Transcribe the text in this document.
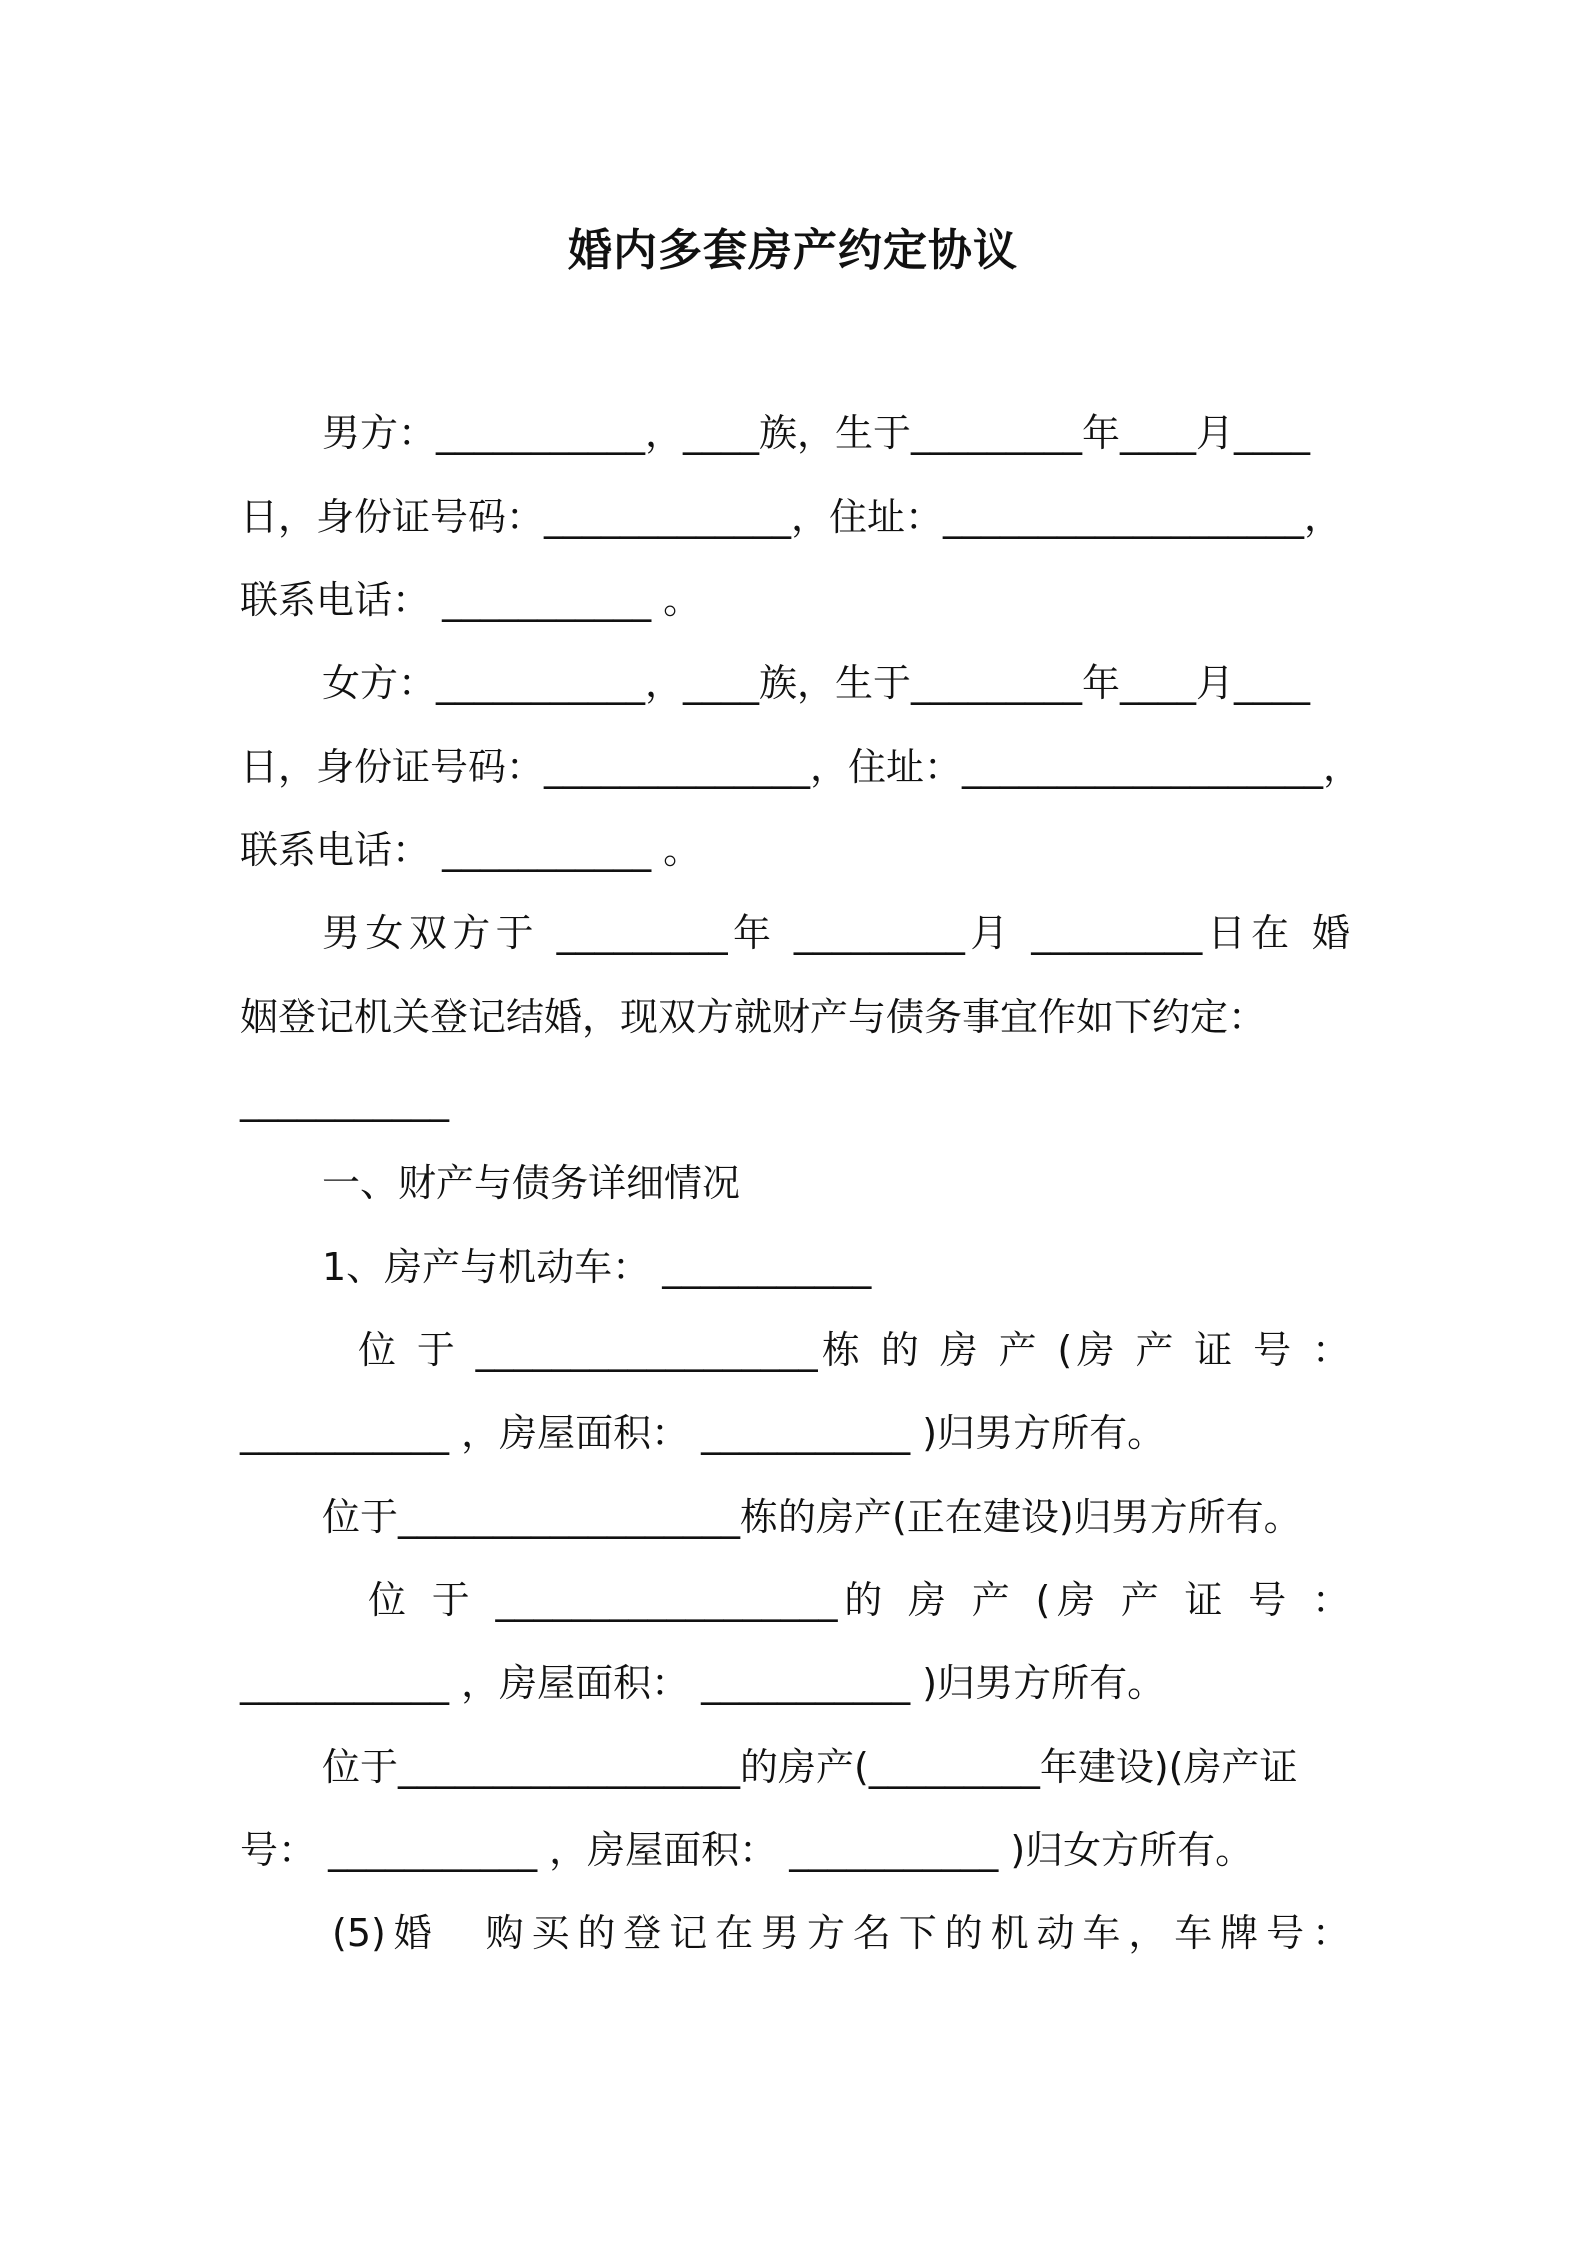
婚内多套房产约定协议
男方：___________，____族，生于_________年____月____
日，身份证号码：_____________，住址：___________________，
联系电话： ___________ 。
女方：___________，____族，生于_________年____月____
日，身份证号码：______________，住址：___________________，
联系电话： ___________ 。
男女双方于 _________年 _________月 _________日在 婚
姻登记机关登记结婚，现双方就财产与债务事宜作如下约定：
___________
一、财产与债务详细情况
1、房产与机动车： ___________
位 于 __________________栋 的 房 产 (房 产 证 号 ：
___________ ，房屋面积： ___________ )归男方所有。
位于__________________栋的房产(正在建设)归男方所有。
位 于 __________________的 房 产 (房 产 证 号 ：
___________ ，房屋面积： ___________ )归男方所有。
位于__________________的房产(_________年建设)(房产证
号： ___________ ，房屋面积： ___________ )归女方所有。
(5)婚　购买的登记在男方名下的机动车，车牌号：
